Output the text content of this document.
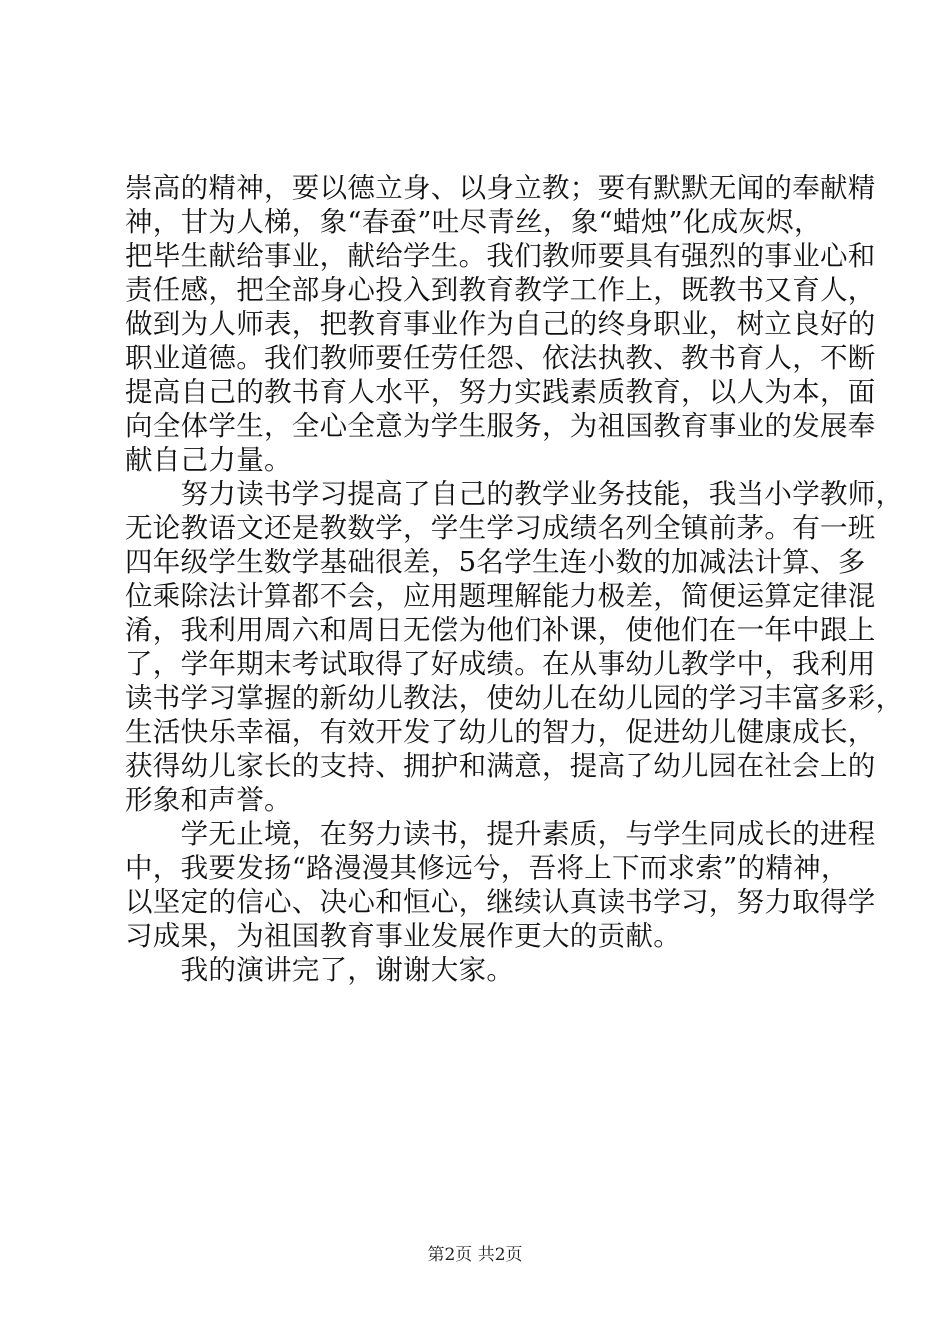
崇高的精神，要以德立身、以身立教；要有默默无闻的奉献精
神，甘为人梯，象“春蚕”吐尽青丝，象“蜡烛”化成灰烬，
把毕生献给事业，献给学生。我们教师要具有强烈的事业心和
责任感，把全部身心投入到教育教学工作上，既教书又育人，
做到为人师表，把教育事业作为自己的终身职业，树立良好的
职业道德。我们教师要任劳任怨、依法执教、教书育人，不断
提高自己的教书育人水平，努力实践素质教育，以人为本，面
向全体学生，全心全意为学生服务，为祖国教育事业的发展奉
献自己力量。
　　努力读书学习提高了自己的教学业务技能，我当小学教师，
无论教语文还是教数学，学生学习成绩名列全镇前茅。有一班
四年级学生数学基础很差，5名学生连小数的加减法计算、多
位乘除法计算都不会，应用题理解能力极差，简便运算定律混
淆，我利用周六和周日无偿为他们补课，使他们在一年中跟上
了，学年期末考试取得了好成绩。在从事幼儿教学中，我利用
读书学习掌握的新幼儿教法，使幼儿在幼儿园的学习丰富多彩，
生活快乐幸福，有效开发了幼儿的智力，促进幼儿健康成长，
获得幼儿家长的支持、拥护和满意，提高了幼儿园在社会上的
形象和声誉。
　　学无止境，在努力读书，提升素质，与学生同成长的进程
中，我要发扬“路漫漫其修远兮，吾将上下而求索”的精神，
以坚定的信心、决心和恒心，继续认真读书学习，努力取得学
习成果，为祖国教育事业发展作更大的贡献。
　　我的演讲完了，谢谢大家。
第2页 共2页
